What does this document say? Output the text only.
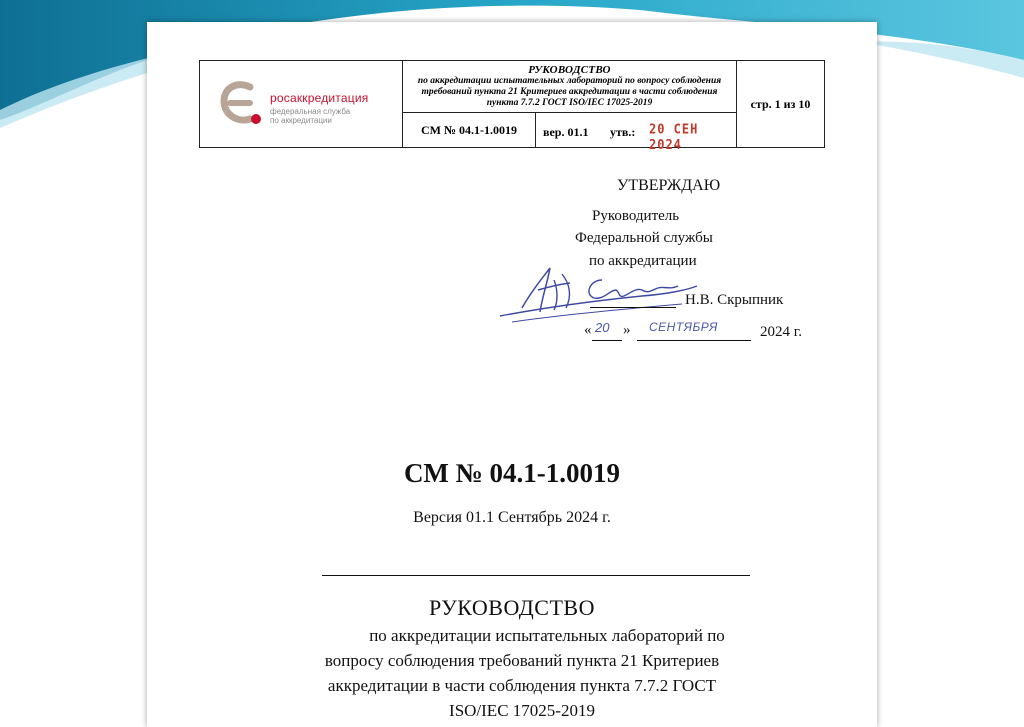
росаккредитация
федеральная служба
по аккредитации
РУКОВОДСТВО
по аккредитации испытательных лабораторий по вопросу соблюдения требований пункта 21 Критериев аккредитации в части соблюдения пункта 7.7.2 ГОСТ ISO/IEC 17025-2019	стр. 1 из 10
СМ № 04.1-1.0019	вер. 01.1 утв.: 20 СЕН 2024
УТВЕРЖДАЮ
Руководитель
Федеральной службы
по аккредитации
Н.В. Скрыпник
« 20 » СЕНТЯБРЯ	2024 г.
СМ № 04.1-1.0019
Версия 01.1 Сентябрь 2024 г.
РУКОВОДСТВО
по аккредитации испытательных лабораторий по
вопросу соблюдения требований пункта 21 Критериев
аккредитации в части соблюдения пункта 7.7.2 ГОСТ
ISO/IEC 17025-2019
